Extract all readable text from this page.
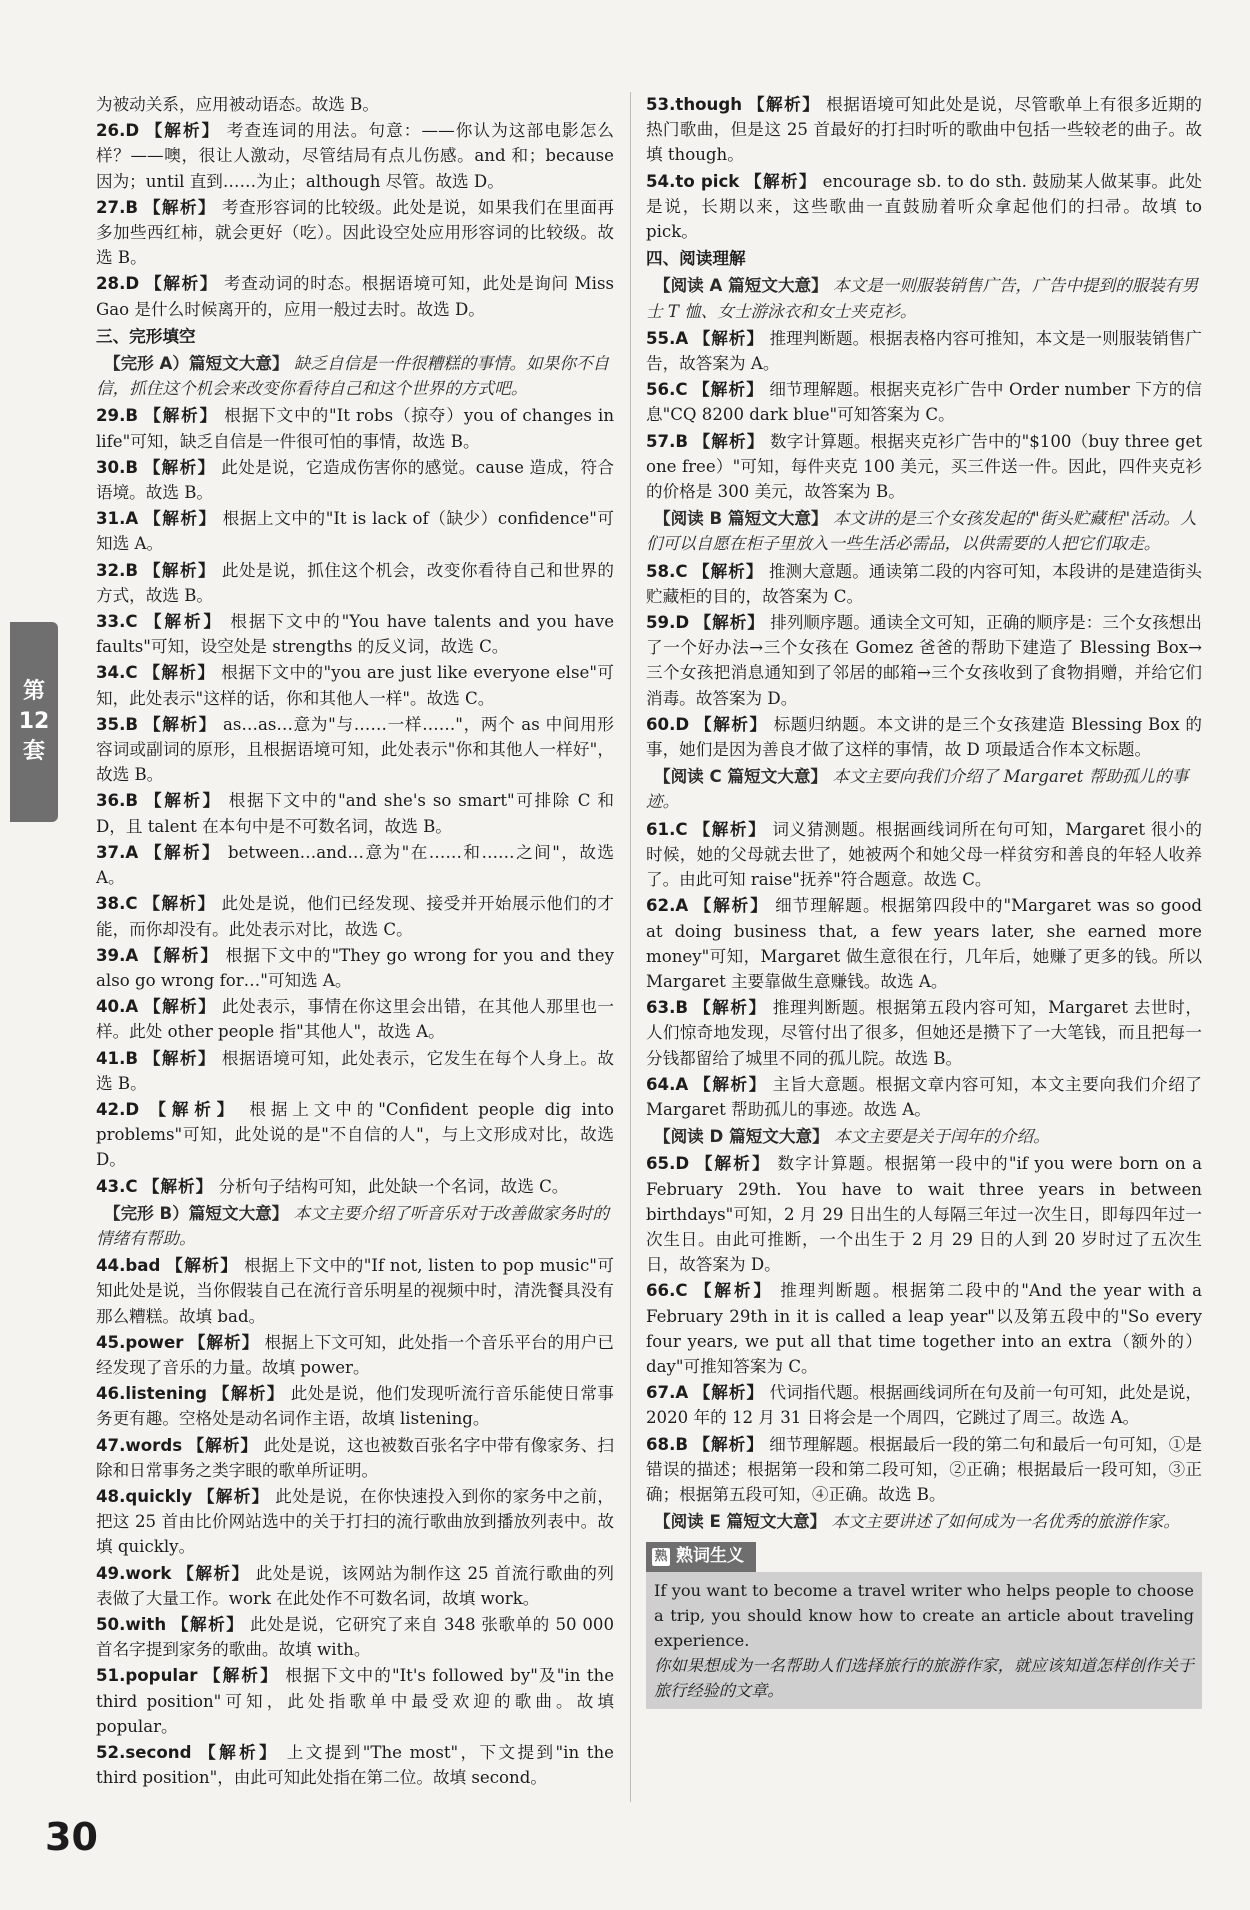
第
12
套
为被动关系，应用被动语态。故选 B。
26.D 【解析】 考查连词的用法。句意：——你认为这部电影怎么样？——噢，很让人激动，尽管结局有点儿伤感。and 和；because 因为；until 直到……为止；although 尽管。故选 D。
27.B 【解析】 考查形容词的比较级。此处是说，如果我们在里面再多加些西红柿，就会更好（吃）。因此设空处应用形容词的比较级。故选 B。
28.D 【解析】 考查动词的时态。根据语境可知，此处是询问 Miss Gao 是什么时候离开的，应用一般过去时。故选 D。
三、完形填空
【完形 A）篇短文大意】 缺乏自信是一件很糟糕的事情。如果你不自信，抓住这个机会来改变你看待自己和这个世界的方式吧。
29.B 【解析】 根据下文中的"It robs（掠夺）you of changes in life"可知，缺乏自信是一件很可怕的事情，故选 B。
30.B 【解析】 此处是说，它造成伤害你的感觉。cause 造成，符合语境。故选 B。
31.A 【解析】 根据上文中的"It is lack of（缺少）confidence"可知选 A。
32.B 【解析】 此处是说，抓住这个机会，改变你看待自己和世界的方式，故选 B。
33.C 【解析】 根据下文中的"You have talents and you have faults"可知，设空处是 strengths 的反义词，故选 C。
34.C 【解析】 根据下文中的"you are just like everyone else"可知，此处表示"这样的话，你和其他人一样"。故选 C。
35.B 【解析】 as…as…意为"与……一样……"，两个 as 中间用形容词或副词的原形，且根据语境可知，此处表示"你和其他人一样好"，故选 B。
36.B 【解析】 根据下文中的"and she's so smart"可排除 C 和 D，且 talent 在本句中是不可数名词，故选 B。
37.A 【解析】 between…and…意为"在……和……之间"，故选 A。
38.C 【解析】 此处是说，他们已经发现、接受并开始展示他们的才能，而你却没有。此处表示对比，故选 C。
39.A 【解析】 根据下文中的"They go wrong for you and they also go wrong for…"可知选 A。
40.A 【解析】 此处表示，事情在你这里会出错，在其他人那里也一样。此处 other people 指"其他人"，故选 A。
41.B 【解析】 根据语境可知，此处表示，它发生在每个人身上。故选 B。
42.D 【解析】 根据上文中的"Confident people dig into problems"可知，此处说的是"不自信的人"，与上文形成对比，故选 D。
43.C 【解析】 分析句子结构可知，此处缺一个名词，故选 C。
【完形 B）篇短文大意】 本文主要介绍了听音乐对于改善做家务时的情绪有帮助。
44.bad 【解析】 根据上下文中的"If not, listen to pop music"可知此处是说，当你假装自己在流行音乐明星的视频中时，清洗餐具没有那么糟糕。故填 bad。
45.power 【解析】 根据上下文可知，此处指一个音乐平台的用户已经发现了音乐的力量。故填 power。
46.listening 【解析】 此处是说，他们发现听流行音乐能使日常事务更有趣。空格处是动名词作主语，故填 listening。
47.words 【解析】 此处是说，这也被数百张名字中带有像家务、扫除和日常事务之类字眼的歌单所证明。
48.quickly 【解析】 此处是说，在你快速投入到你的家务中之前，把这 25 首由比价网站选中的关于打扫的流行歌曲放到播放列表中。故填 quickly。
49.work 【解析】 此处是说，该网站为制作这 25 首流行歌曲的列表做了大量工作。work 在此处作不可数名词，故填 work。
50.with 【解析】 此处是说，它研究了来自 348 张歌单的 50 000 首名字提到家务的歌曲。故填 with。
51.popular 【解析】 根据下文中的"It's followed by"及"in the third position"可知，此处指歌单中最受欢迎的歌曲。故填 popular。
52.second 【解析】 上文提到"The most"，下文提到"in the third position"，由此可知此处指在第二位。故填 second。
53.though 【解析】 根据语境可知此处是说，尽管歌单上有很多近期的热门歌曲，但是这 25 首最好的打扫时听的歌曲中包括一些较老的曲子。故填 though。
54.to pick 【解析】 encourage sb. to do sth. 鼓励某人做某事。此处是说，长期以来，这些歌曲一直鼓励着听众拿起他们的扫帚。故填 to pick。
四、阅读理解
【阅读 A 篇短文大意】 本文是一则服装销售广告，广告中提到的服装有男士 T 恤、女士游泳衣和女士夹克衫。
55.A 【解析】 推理判断题。根据表格内容可推知，本文是一则服装销售广告，故答案为 A。
56.C 【解析】 细节理解题。根据夹克衫广告中 Order number 下方的信息"CQ 8200 dark blue"可知答案为 C。
57.B 【解析】 数字计算题。根据夹克衫广告中的"$100（buy three get one free）"可知，每件夹克 100 美元，买三件送一件。因此，四件夹克衫的价格是 300 美元，故答案为 B。
【阅读 B 篇短文大意】 本文讲的是三个女孩发起的"街头贮藏柜"活动。人们可以自愿在柜子里放入一些生活必需品，以供需要的人把它们取走。
58.C 【解析】 推测大意题。通读第二段的内容可知，本段讲的是建造街头贮藏柜的目的，故答案为 C。
59.D 【解析】 排列顺序题。通读全文可知，正确的顺序是：三个女孩想出了一个好办法→三个女孩在 Gomez 爸爸的帮助下建造了 Blessing Box→三个女孩把消息通知到了邻居的邮箱→三个女孩收到了食物捐赠，并给它们消毒。故答案为 D。
60.D 【解析】 标题归纳题。本文讲的是三个女孩建造 Blessing Box 的事，她们是因为善良才做了这样的事情，故 D 项最适合作本文标题。
【阅读 C 篇短文大意】 本文主要向我们介绍了 Margaret 帮助孤儿的事迹。
61.C 【解析】 词义猜测题。根据画线词所在句可知，Margaret 很小的时候，她的父母就去世了，她被两个和她父母一样贫穷和善良的年轻人收养了。由此可知 raise"抚养"符合题意。故选 C。
62.A 【解析】 细节理解题。根据第四段中的"Margaret was so good at doing business that, a few years later, she earned more money"可知，Margaret 做生意很在行，几年后，她赚了更多的钱。所以 Margaret 主要靠做生意赚钱。故选 A。
63.B 【解析】 推理判断题。根据第五段内容可知，Margaret 去世时，人们惊奇地发现，尽管付出了很多，但她还是攒下了一大笔钱，而且把每一分钱都留给了城里不同的孤儿院。故选 B。
64.A 【解析】 主旨大意题。根据文章内容可知，本文主要向我们介绍了 Margaret 帮助孤儿的事迹。故选 A。
【阅读 D 篇短文大意】 本文主要是关于闰年的介绍。
65.D 【解析】 数字计算题。根据第一段中的"if you were born on a February 29th. You have to wait three years in between birthdays"可知，2 月 29 日出生的人每隔三年过一次生日，即每四年过一次生日。由此可推断，一个出生于 2 月 29 日的人到 20 岁时过了五次生日，故答案为 D。
66.C 【解析】 推理判断题。根据第二段中的"And the year with a February 29th in it is called a leap year"以及第五段中的"So every four years, we put all that time together into an extra（额外的）day"可推知答案为 C。
67.A 【解析】 代词指代题。根据画线词所在句及前一句可知，此处是说，2020 年的 12 月 31 日将会是一个周四，它跳过了周三。故选 A。
68.B 【解析】 细节理解题。根据最后一段的第二句和最后一句可知，①是错误的描述；根据第一段和第二段可知，②正确；根据最后一段可知，③正确；根据第五段可知，④正确。故选 B。
【阅读 E 篇短文大意】 本文主要讲述了如何成为一名优秀的旅游作家。
熟 熟词生义
If you want to become a travel writer who helps people to choose a trip, you should know how to create an article about traveling experience.
你如果想成为一名帮助人们选择旅行的旅游作家，就应该知道怎样创作关于旅行经验的文章。
30
